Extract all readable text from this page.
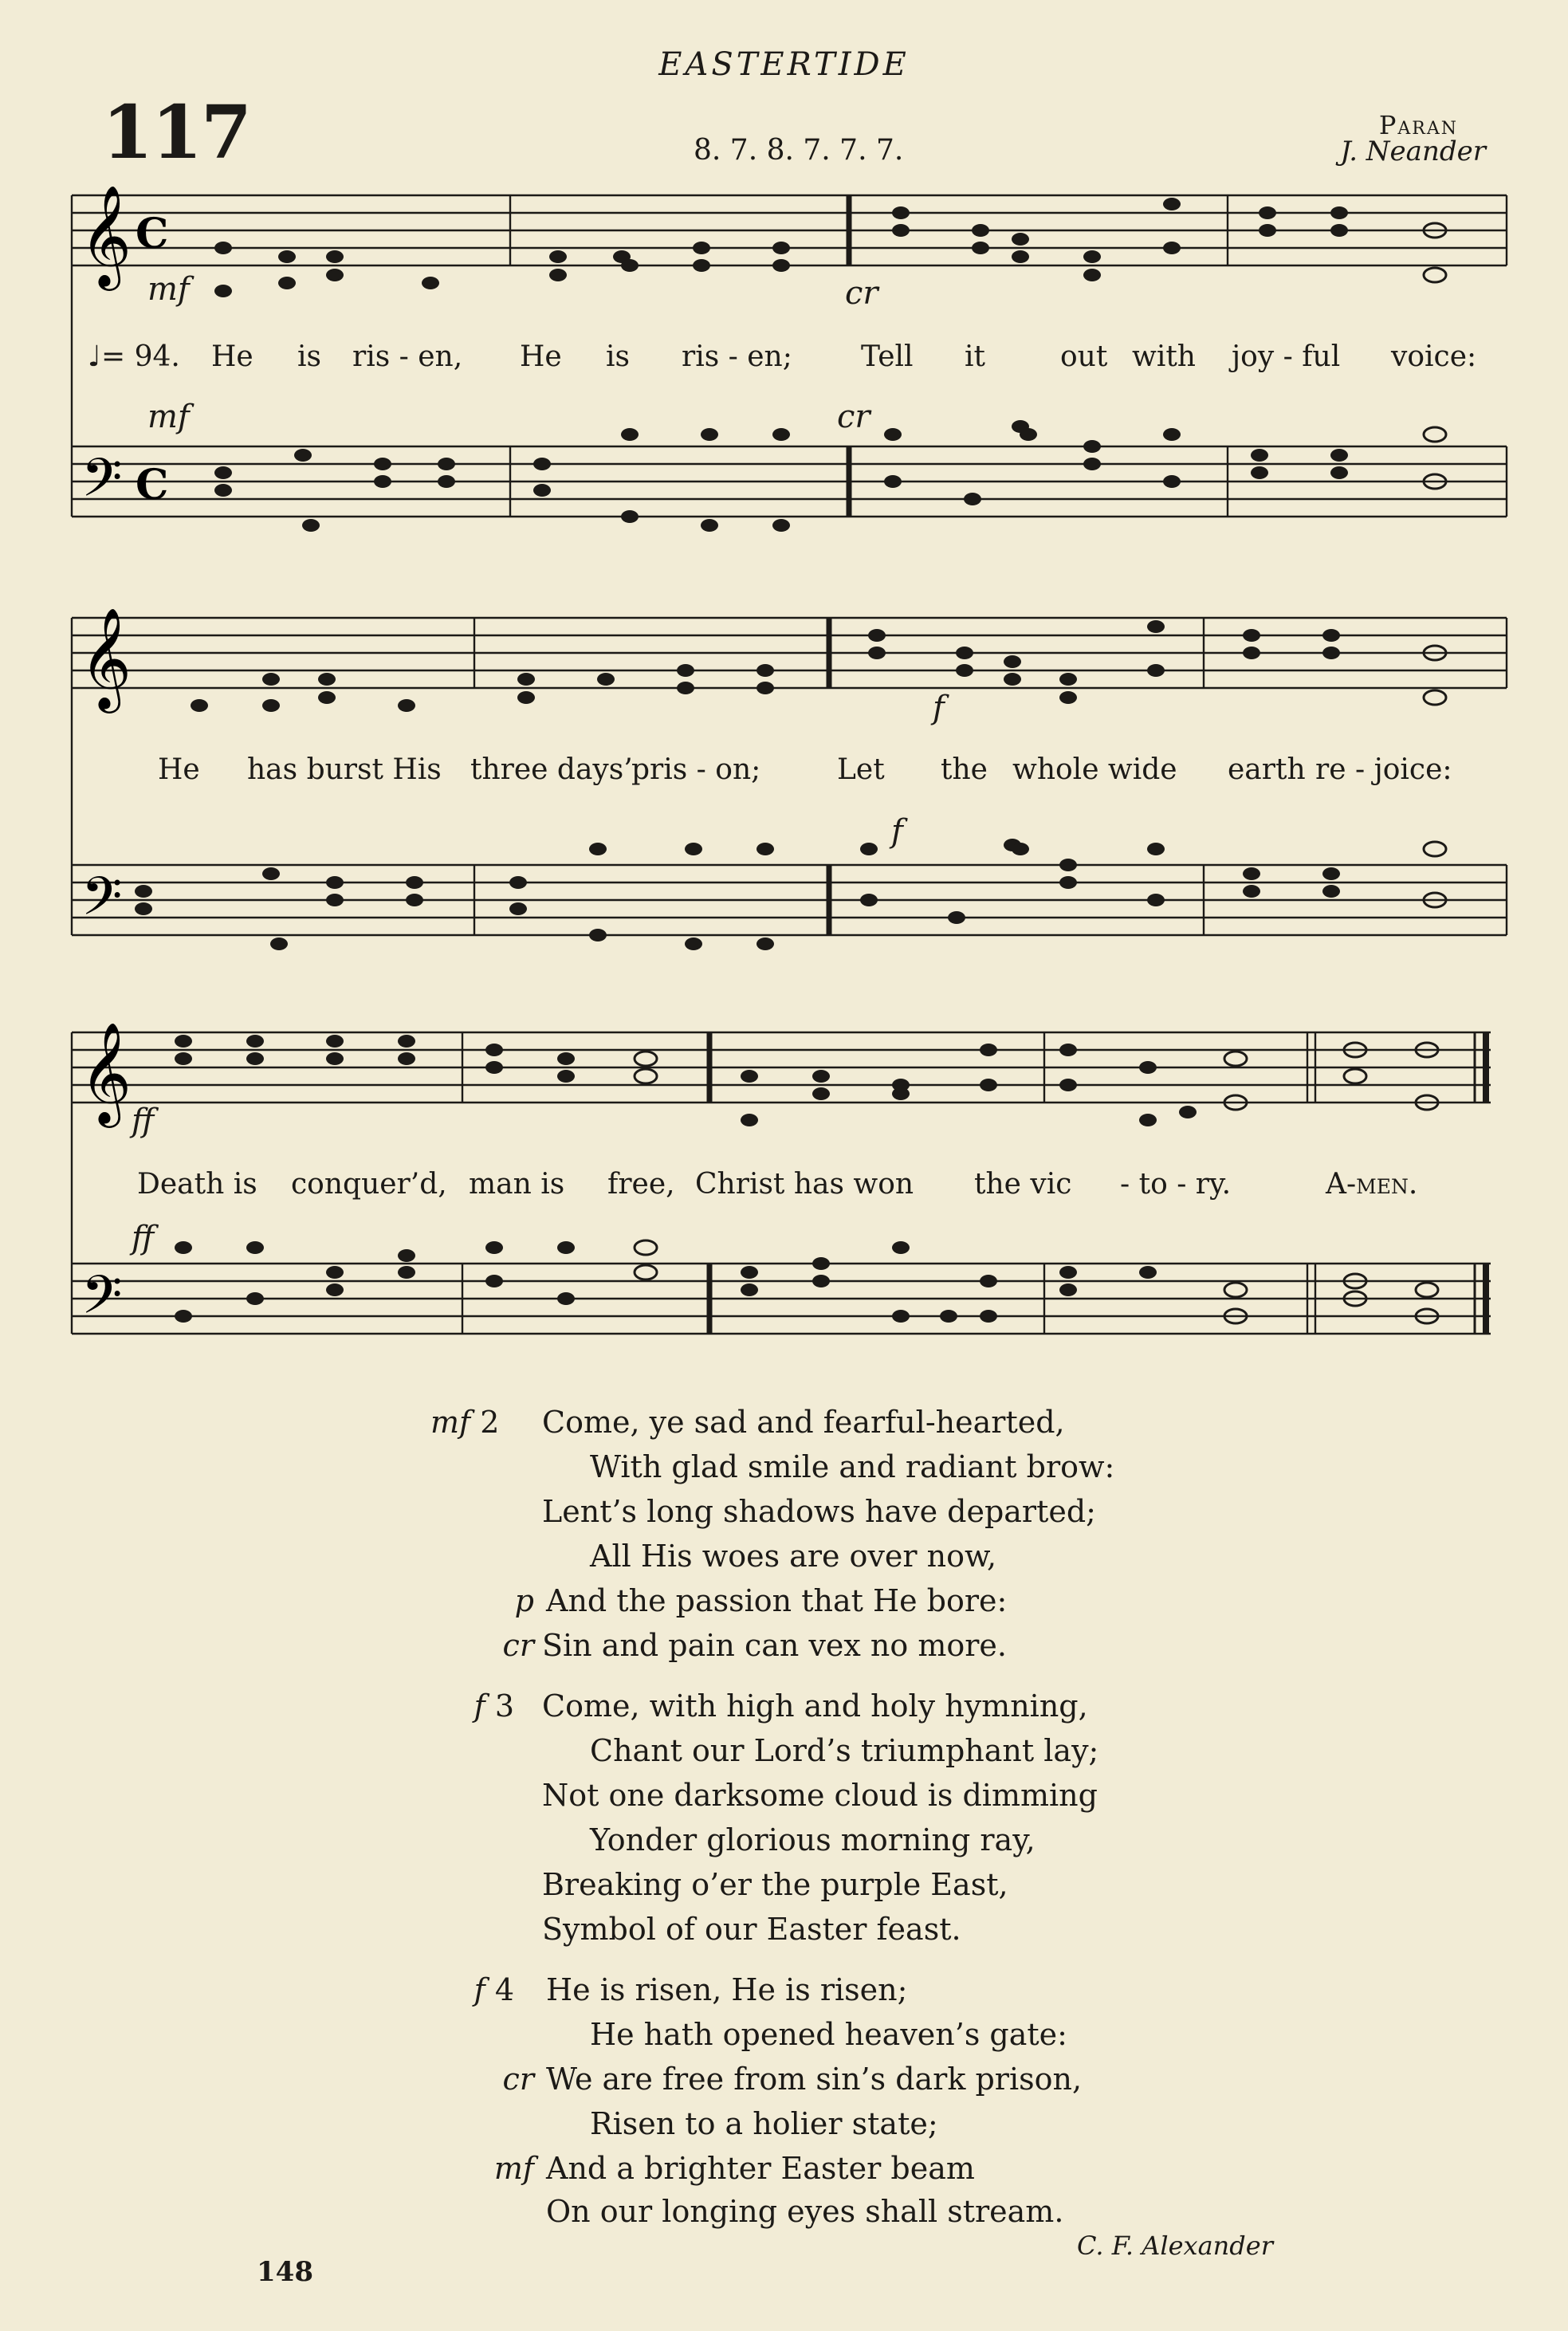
EASTERTIDE
117	8. 7. 8. 7. 7. 7.
Paran
J. Neander
𝄞
𝄢
C
C
mf
mf
cr
cr
♩= 94. He is ris - en, He is ris - en; Tell it	out with joy - ful voice:
𝄞
𝄢
f
f
He has burst His three days’
pris - on;	Let the whole wide earth re - joice:
𝄞
𝄢
ff
ff
Death is conquer’d, man is free, Christ has won the vic - to - ry.	A-men.
mf 2 Come, ye sad and fearful-hearted,
With glad smile and radiant brow:
Lent’s long shadows have departed;
All His woes are over now,
p And the passion that He bore:
cr Sin and pain can vex no more.
f 3 Come, with high and holy hymning,
Chant our Lord’s triumphant lay;
Not one darksome cloud is dimming
Yonder glorious morning ray,
Breaking o’er the purple East,
Symbol of our Easter feast.
f 4 He is risen, He is risen;
He hath opened heaven’s gate:
cr We are free from sin’s dark prison,
Risen to a holier state;
mf And a brighter Easter beam
On our longing eyes shall stream.
C. F. Alexander
148
